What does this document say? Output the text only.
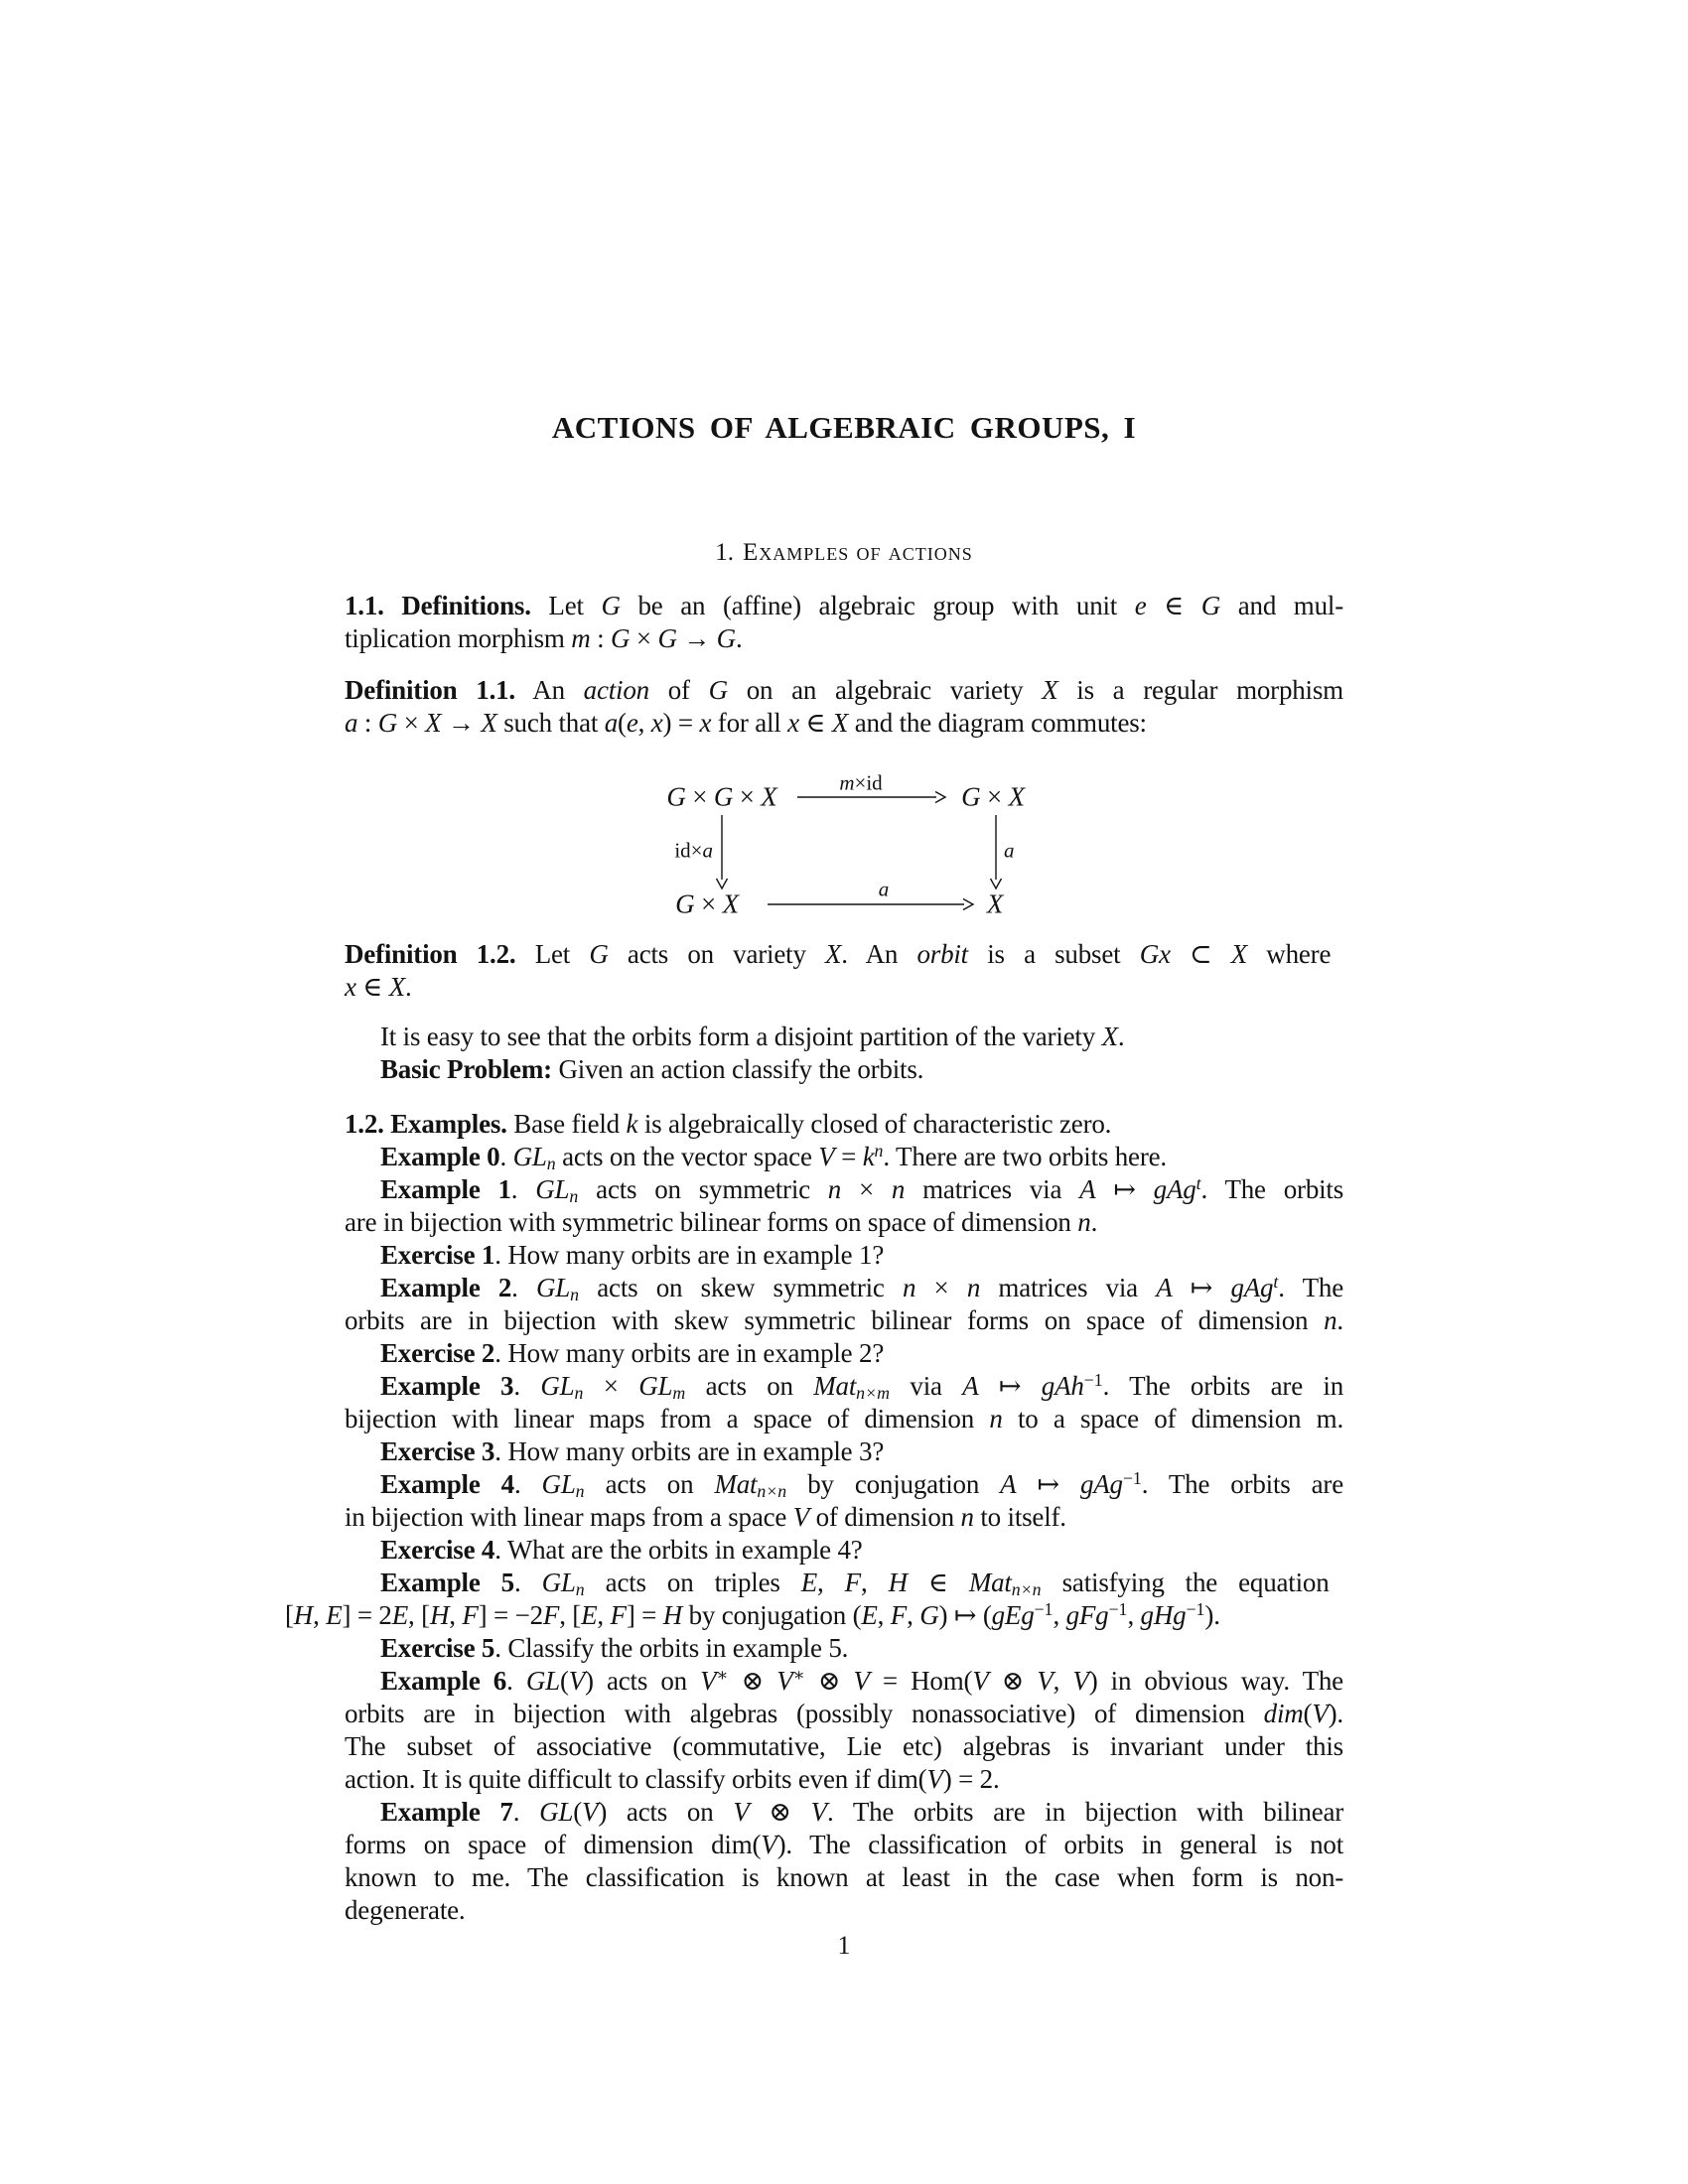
ACTIONS OF ALGEBRAIC GROUPS, I
1. Examples of actions
1.1. Definitions. Let G be an (affine) algebraic group with unit e ∈ G and mul-
tiplication morphism m : G × G → G.
Definition 1.1. An action of G on an algebraic variety X is a regular morphism
a : G × X → X such that a(e, x) = x for all x ∈ X and the diagram commutes:
G × G × X	G × X
G × X	X
m×id
id×a	a
a
Definition 1.2. Let G acts on variety X. An orbit is a subset Gx ⊂ X where
x ∈ X.
It is easy to see that the orbits form a disjoint partition of the variety X.
Basic Problem: Given an action classify the orbits.
1.2. Examples. Base field k is algebraically closed of characteristic zero.
Example 0. $GL_n$ acts on the vector space $V = k^n$. There are two orbits here.
Example 1. $GL_n$ acts on symmetric n × n matrices via A ↦ gAg$^t$. The orbits
are in bijection with symmetric bilinear forms on space of dimension n.
Exercise 1. How many orbits are in example 1?
Example 2. $GL_n$ acts on skew symmetric n × n matrices via A ↦ gAg$^t$. The
orbits are in bijection with skew symmetric bilinear forms on space of dimension n.
Exercise 2. How many orbits are in example 2?
Example 3. $GL_n \times GL_m$ acts on Mat$_{n\times m}$ via A ↦ gAh$^{-1}$. The orbits are in
bijection with linear maps from a space of dimension n to a space of dimension m.
Exercise 3. How many orbits are in example 3?
Example 4. $GL_n$ acts on Mat$_{n\times n}$ by conjugation A ↦ gAg$^{-1}$. The orbits are
in bijection with linear maps from a space V of dimension n to itself.
Exercise 4. What are the orbits in example 4?
Example 5. $GL_n$ acts on triples E, F, H ∈ Mat$_{n\times n}$ satisfying the equation
[H, E] = 2E, [H, F] = −2F, [E, F] = H by conjugation (E, F, G) ↦ (gEg$^{-1}$, gFg$^{-1}$, gHg$^{-1}$).
Exercise 5. Classify the orbits in example 5.
Example 6. GL(V) acts on V∗ ⊗ V∗ ⊗ V = Hom(V ⊗ V, V) in obvious way. The
orbits are in bijection with algebras (possibly nonassociative) of dimension dim(V).
The subset of associative (commutative, Lie etc) algebras is invariant under this
action. It is quite difficult to classify orbits even if dim(V) = 2.
Example 7. GL(V) acts on V ⊗ V. The orbits are in bijection with bilinear
forms on space of dimension dim(V). The classification of orbits in general is not
known to me. The classification is known at least in the case when form is non-
degenerate.
1
